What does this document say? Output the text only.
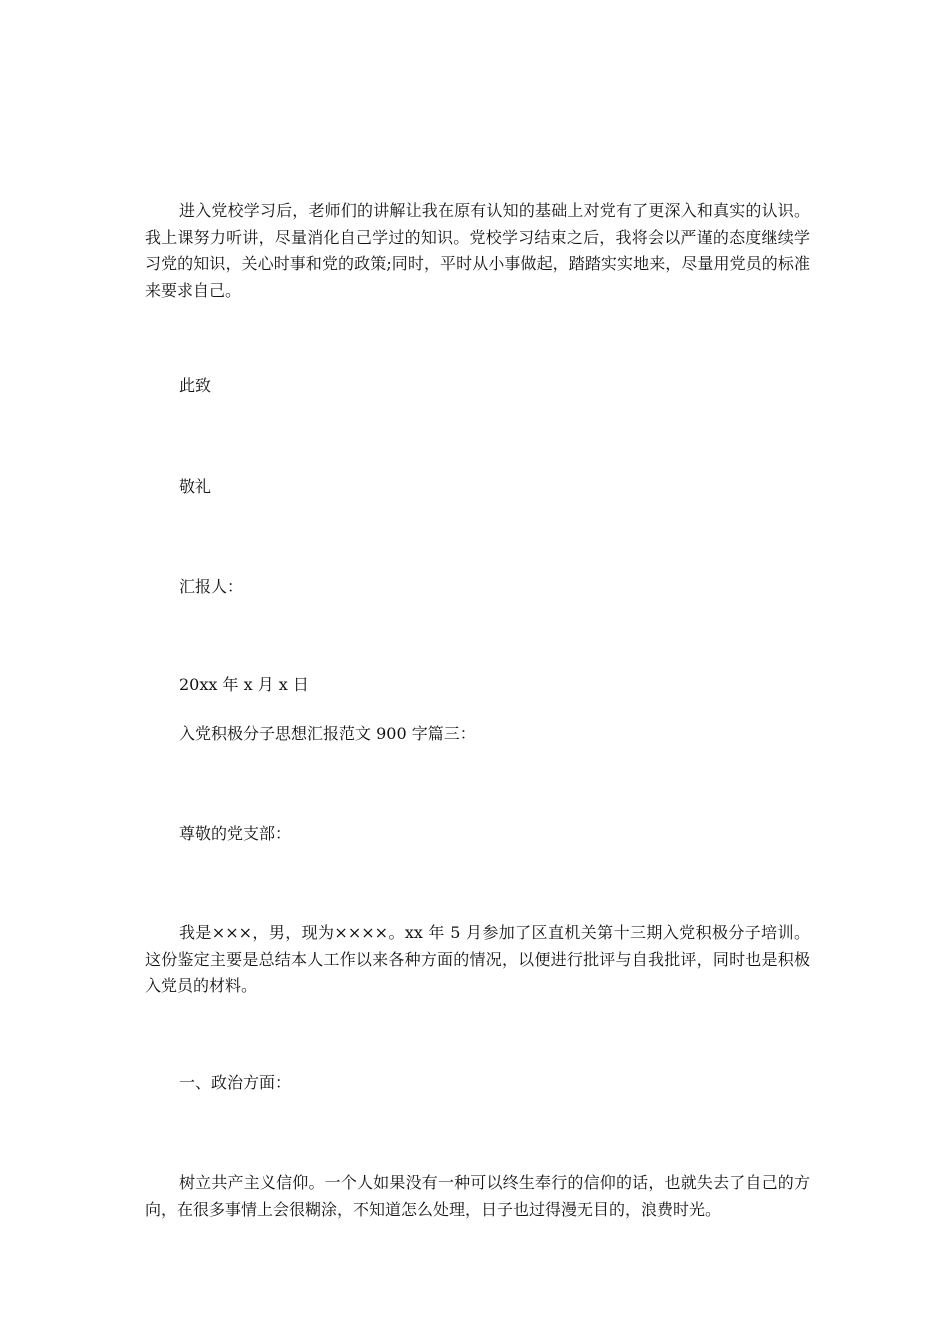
进入党校学习后，老师们的讲解让我在原有认知的基础上对党有了更深入和真实的认识。我上课努力听讲，尽量消化自己学过的知识。党校学习结束之后，我将会以严谨的态度继续学习党的知识，关心时事和党的政策;同时，平时从小事做起，踏踏实实地来，尽量用党员的标准来要求自己。

此致

敬礼

汇报人：

20xx 年 x 月 x 日

入党积极分子思想汇报范文 900 字篇三：

尊敬的党支部：

我是×××，男，现为××××。xx 年 5 月参加了区直机关第十三期入党积极分子培训。这份鉴定主要是总结本人工作以来各种方面的情况，以便进行批评与自我批评，同时也是积极入党员的材料。

一、政治方面：

树立共产主义信仰。一个人如果没有一种可以终生奉行的信仰的话，也就失去了自己的方向，在很多事情上会很糊涂，不知道怎么处理，日子也过得漫无目的，浪费时光。
